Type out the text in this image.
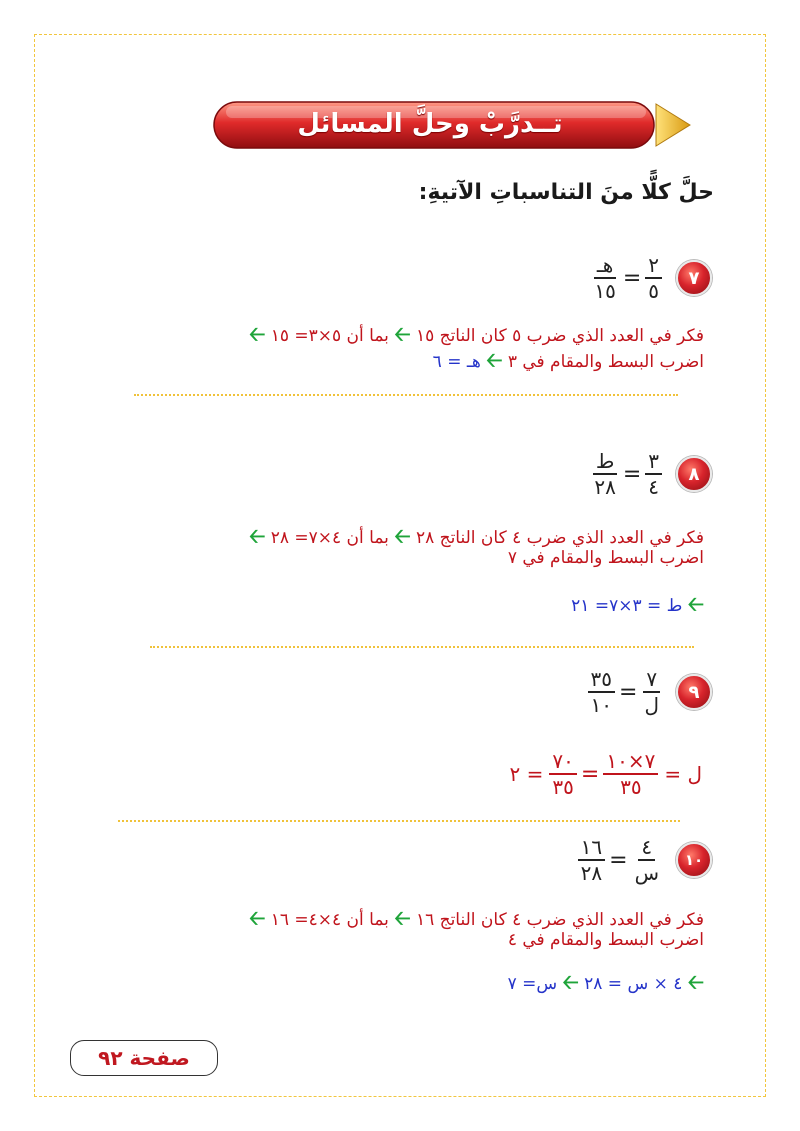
تــدرَّبْ وحلَّ المسائل
حلَّ كلًّا منَ التناسباتِ الآتيةِ:
٧
$\frac{\text{هـ}}{١٥} = \frac{٢}{٥}$
فكر في العدد الذي ضرب ٥ كان الناتج ١٥ 🡠 بما أن ٥×٣= ١٥ 🡠
اضرب البسط والمقام في ٣ 🡠 هـ = ٦
٨
$\frac{\text{ط}}{٢٨} = \frac{٣}{٤}$
فكر في العدد الذي ضرب ٤ كان الناتج ٢٨ 🡠 بما أن ٤×٧= ٢٨ 🡠
اضرب البسط والمقام في ٧
🡠 ط = ٣×٧= ٢١
٩
$\frac{٣٥}{١٠} = \frac{٧}{\text{ل}}$
ل =
= ٢ $\frac{٧٠}{٣٥} = \frac{٧\times ١٠}{٣٥}$
١٠
$\frac{١٦}{٢٨} = \frac{٤}{\text{س}}$
فكر في العدد الذي ضرب ٤ كان الناتج ١٦ 🡠 بما أن ٤×٤= ١٦ 🡠
اضرب البسط والمقام في ٤
🡠 ٤ × س = ٢٨ 🡠 س= ٧
صفحة ٩٢
